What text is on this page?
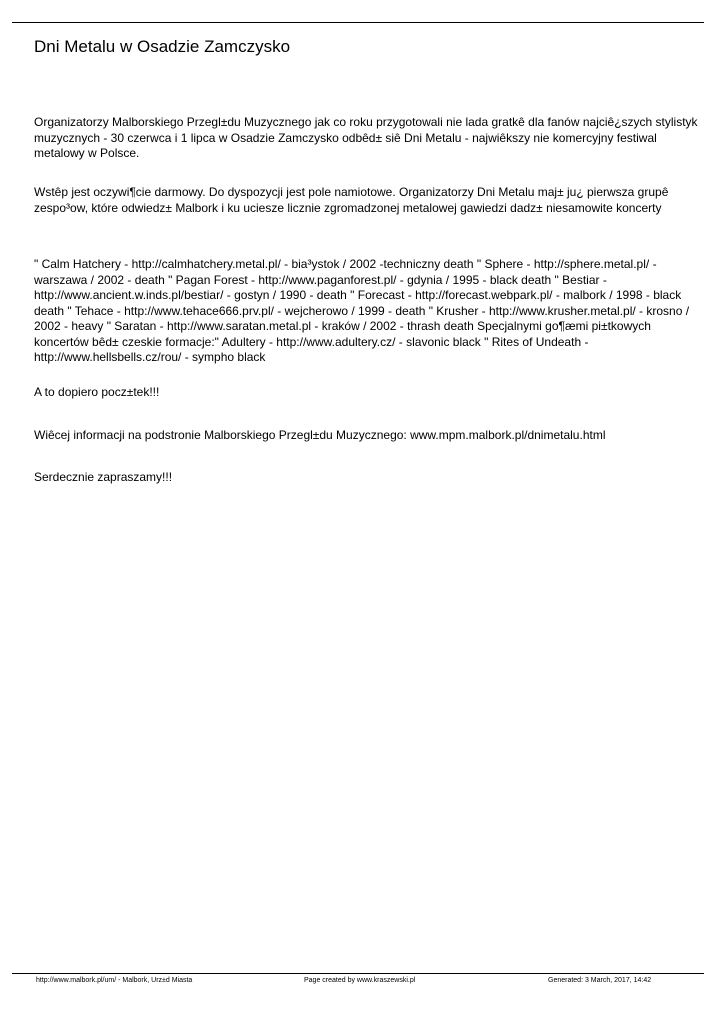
Dni Metalu w Osadzie Zamczysko

Organizatorzy Malborskiego Przegl±du Muzycznego jak co roku przygotowali nie lada gratkê dla fanów najciê¿szych stylistyk muzycznych - 30 czerwca i 1 lipca w Osadzie Zamczysko odbêd± siê Dni Metalu - najwiêkszy nie komercyjny festiwal metalowy w Polsce.

Wstêp jest oczywi¶cie darmowy. Do dyspozycji jest pole namiotowe. Organizatorzy Dni Metalu maj± ju¿ pierwsza grupê zespo³ow, które odwiedz± Malbork i ku uciesze licznie zgromadzonej metalowej gawiedzi dadz± niesamowite koncerty

" Calm Hatchery - http://calmhatchery.metal.pl/ - bia³ystok / 2002 -techniczny death " Sphere - http://sphere.metal.pl/ - warszawa / 2002 - death " Pagan Forest - http://www.paganforest.pl/ - gdynia / 1995 - black death " Bestiar - http://www.ancient.w.inds.pl/bestiar/ - gostyn / 1990 - death " Forecast - http://forecast.webpark.pl/ - malbork / 1998 - black death " Tehace - http://www.tehace666.prv.pl/ - wejcherowo / 1999 - death " Krusher - http://www.krusher.metal.pl/ - krosno / 2002 - heavy " Saratan - http://www.saratan.metal.pl - kraków / 2002 - thrash death Specjalnymi go¶æmi pi±tkowych koncertów bêd± czeskie formacje:" Adultery - http://www.adultery.cz/ - slavonic black " Rites of Undeath - http://www.hellsbells.cz/rou/ - sympho black

A to dopiero pocz±tek!!!

Wiêcej informacji na podstronie Malborskiego Przegl±du Muzycznego: www.mpm.malbork.pl/dnimetalu.html

Serdecznie zapraszamy!!!

http://www.malbork.pl/um/ - Malbork, Urz±d Miasta	Page created by www.kraszewski.pl	Generated: 3 March, 2017, 14:42
